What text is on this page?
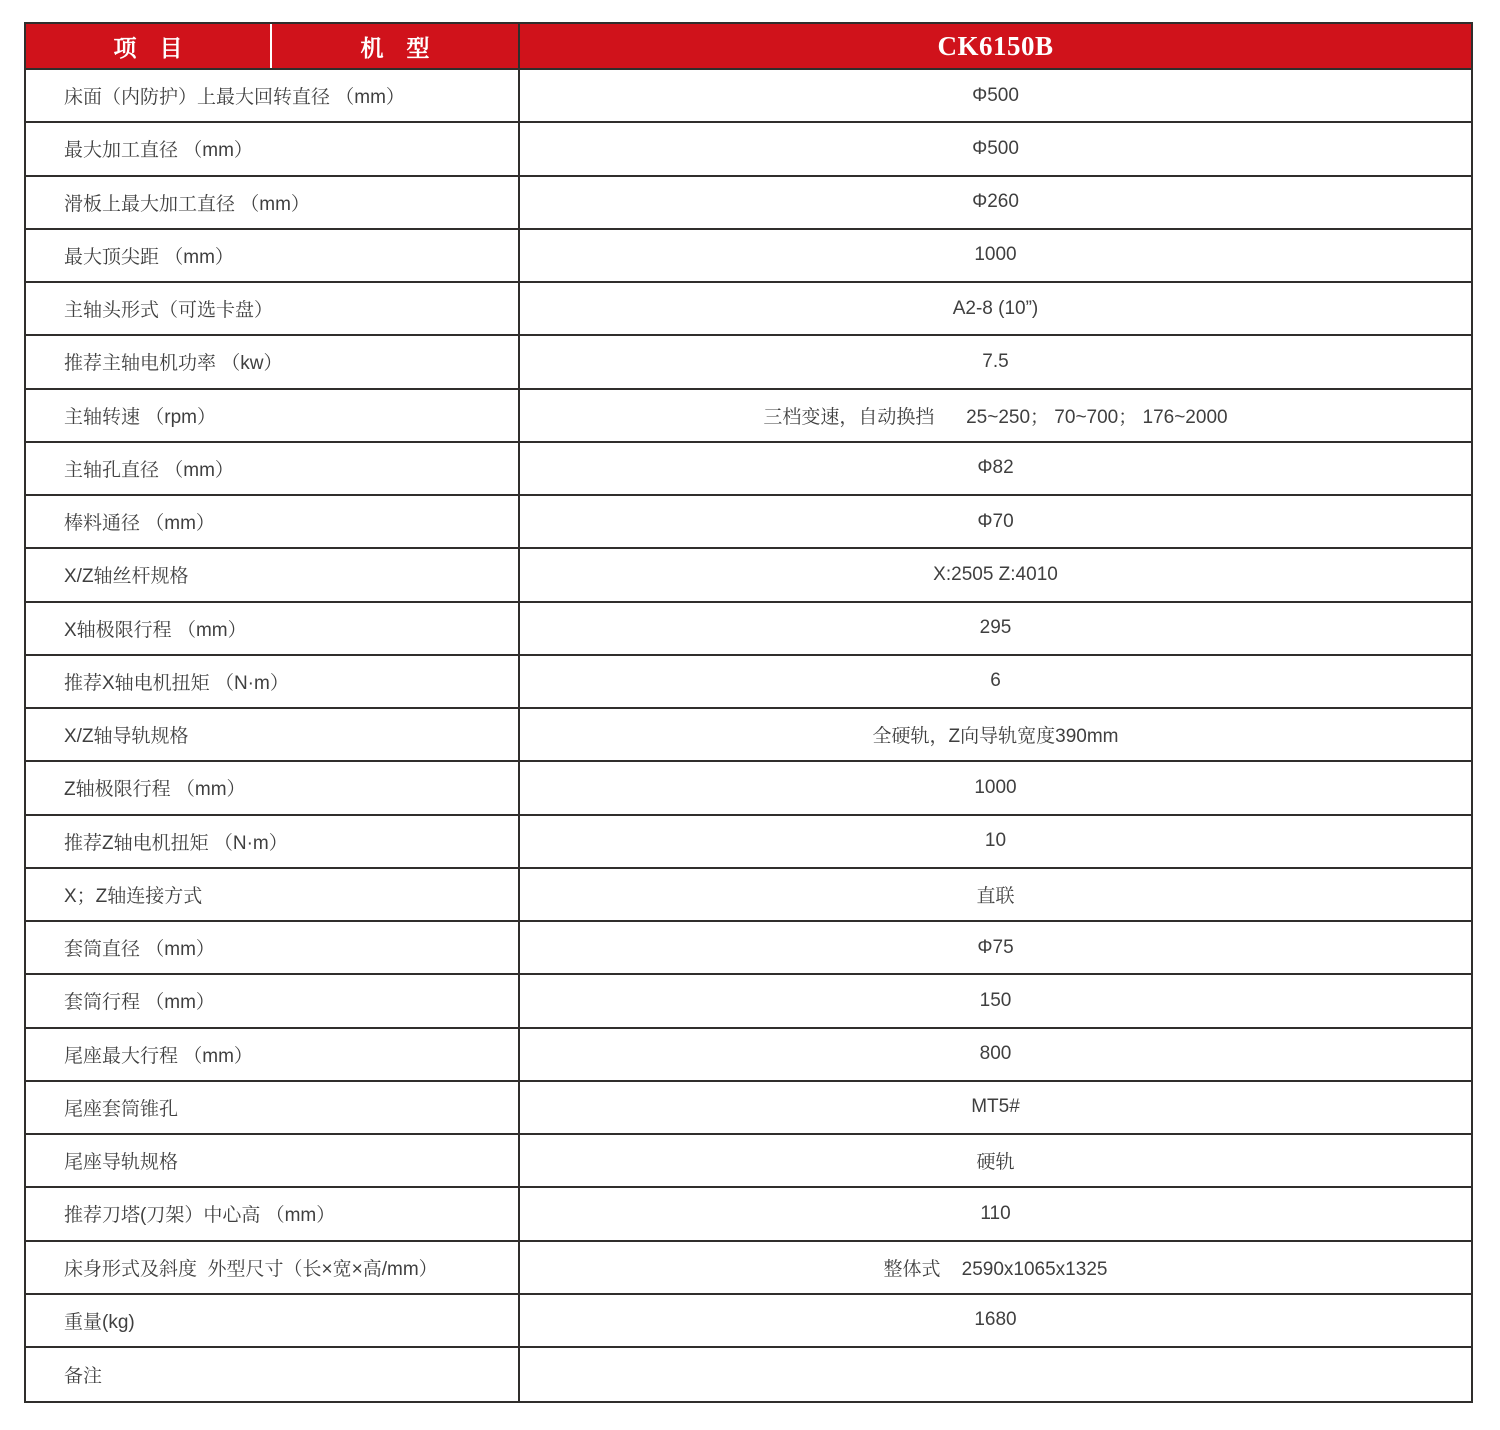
项　目	机　型	CK6150B
床面（内防护）上最大回转直径 （mm）	Φ500
最大加工直径 （mm）	Φ500
滑板上最大加工直径 （mm）	Φ260
最大顶尖距 （mm）	1000
主轴头形式（可选卡盘）	A2-8 (10”)
推荐主轴电机功率 （kw）	7.5
主轴转速 （rpm）	三档变速，自动换挡      25~250； 70~700； 176~2000
主轴孔直径 （mm）	Φ82
棒料通径 （mm）	Φ70
X/Z轴丝杆规格	X:2505 Z:4010
X轴极限行程 （mm）	295
推荐X轴电机扭矩 （N·m）	6
X/Z轴导轨规格	全硬轨，Z向导轨宽度390mm
Z轴极限行程 （mm）	1000
推荐Z轴电机扭矩 （N·m）	10
X；Z轴连接方式	直联
套筒直径 （mm）	Φ75
套筒行程 （mm）	150
尾座最大行程 （mm）	800
尾座套筒锥孔	MT5#
尾座导轨规格	硬轨
推荐刀塔(刀架）中心高 （mm）	110
床身形式及斜度  外型尺寸（长×宽×高/mm）	整体式    2590x1065x1325
重量(kg)	1680
备注
